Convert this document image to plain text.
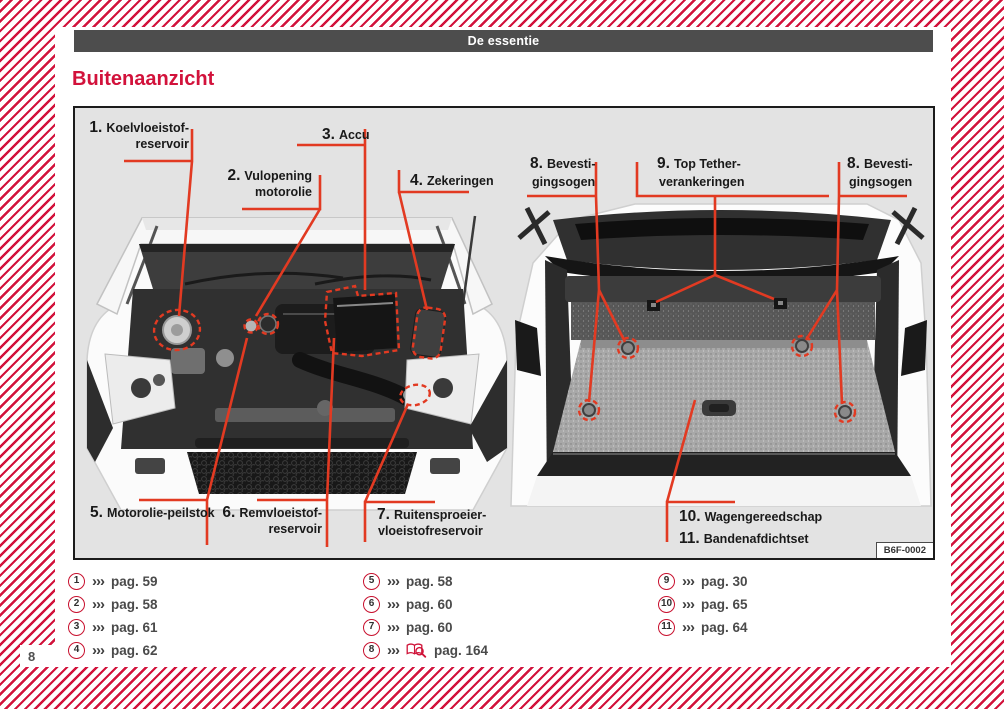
8
De essentie
Buitenaanzicht
1. Koelvloeistof-
reservoir
2. Vulopening
motorolie
3. Accu
4. Zekeringen
5. Motorolie-peilstok 6. Remvloeistof-
reservoir
7. Ruitensproeier-
vloeistofreservoir
8. Bevesti-
gingsogen
9. Top Tether-
verankeringen
8. Bevesti-
gingsogen
10. Wagengereedschap
11. Bandenafdichtset
B6F-0002
1 ››› pag. 59
2 ››› pag. 58
3 ››› pag. 61
4 ››› pag. 62
5 ››› pag. 58
6 ››› pag. 60
7 ››› pag. 60
8 ›››	pag. 164
9 ››› pag. 30
10 ››› pag. 65
11 ››› pag. 64
